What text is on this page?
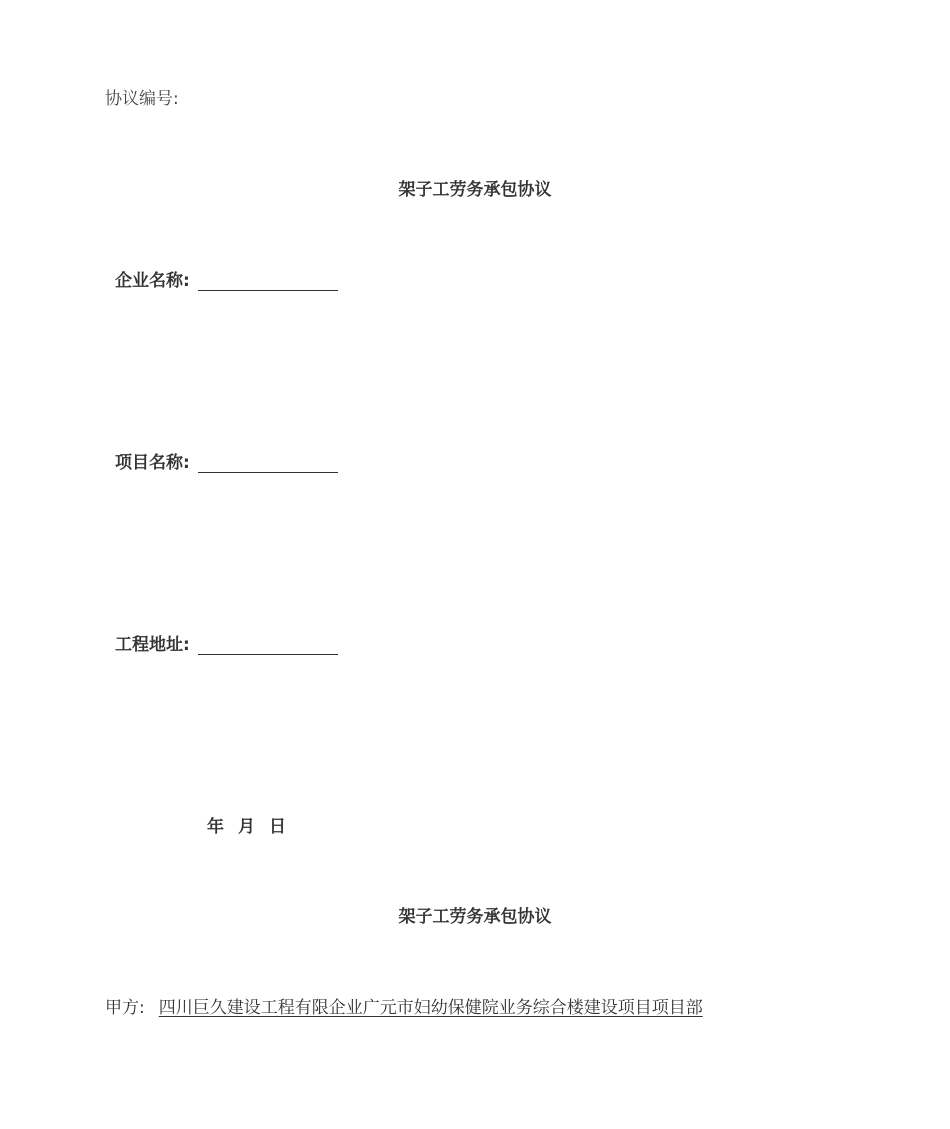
协议编号:
架子工劳务承包协议
企业名称:
项目名称:
工程地址:
年 月 日
架子工劳务承包协议
甲方: 四川巨久建设工程有限企业广元市妇幼保健院业务综合楼建设项目项目部
